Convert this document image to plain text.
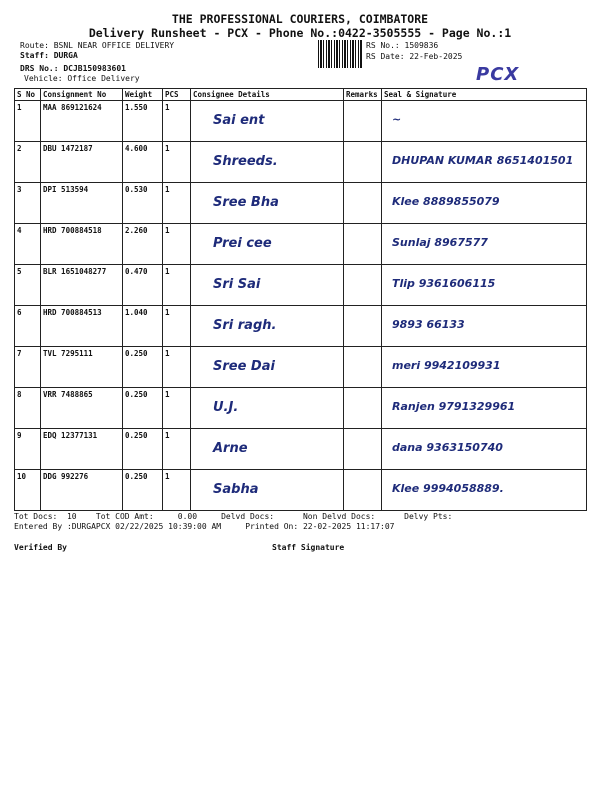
THE PROFESSIONAL COURIERS, COIMBATORE
Delivery Runsheet - PCX - Phone No.:0422-3505555 - Page No.:1
Route: BSNL NEAR OFFICE DELIVERY
Staff: DURGA
DRS No.: DCJB150983601
Vehicle: Office Delivery
RS No.: 1509836
RS Date: 22-Feb-2025
PCX
S No	Consignment No	Weight	PCS	Consignee Details	Remarks	Seal & Signature
1	MAA 869121624	1.550	1	Sai ent		~

2	DBU 1472187	4.600	1	Shreeds.		DHUPAN KUMAR 8651401501

3	DPI 513594	0.530	1	Sree Bha		Klee 8889855079

4	HRD 700884518	2.260	1	Prei cee		Sunlaj 8967577

5	BLR 1651048277	0.470	1	Sri Sai		Tlip 9361606115

6	HRD 700884513	1.040	1	Sri ragh.		9893 66133

7	TVL 7295111	0.250	1	Sree Dai		meri 9942109931

8	VRR 7488865	0.250	1	U.J.		Ranjen 9791329961

9	EDQ 12377131	0.250	1	Arne		dana 9363150740

10	DDG 992276	0.250	1	Sabha		Klee 9994058889.
Tot Docs:  10    Tot COD Amt:     0.00     Delvd Docs:      Non Delvd Docs:      Delvy Pts:
Entered By :DURGAPCX 02/22/2025 10:39:00 AM     Printed On: 22-02-2025 11:17:07
Verified By	Staff Signature
